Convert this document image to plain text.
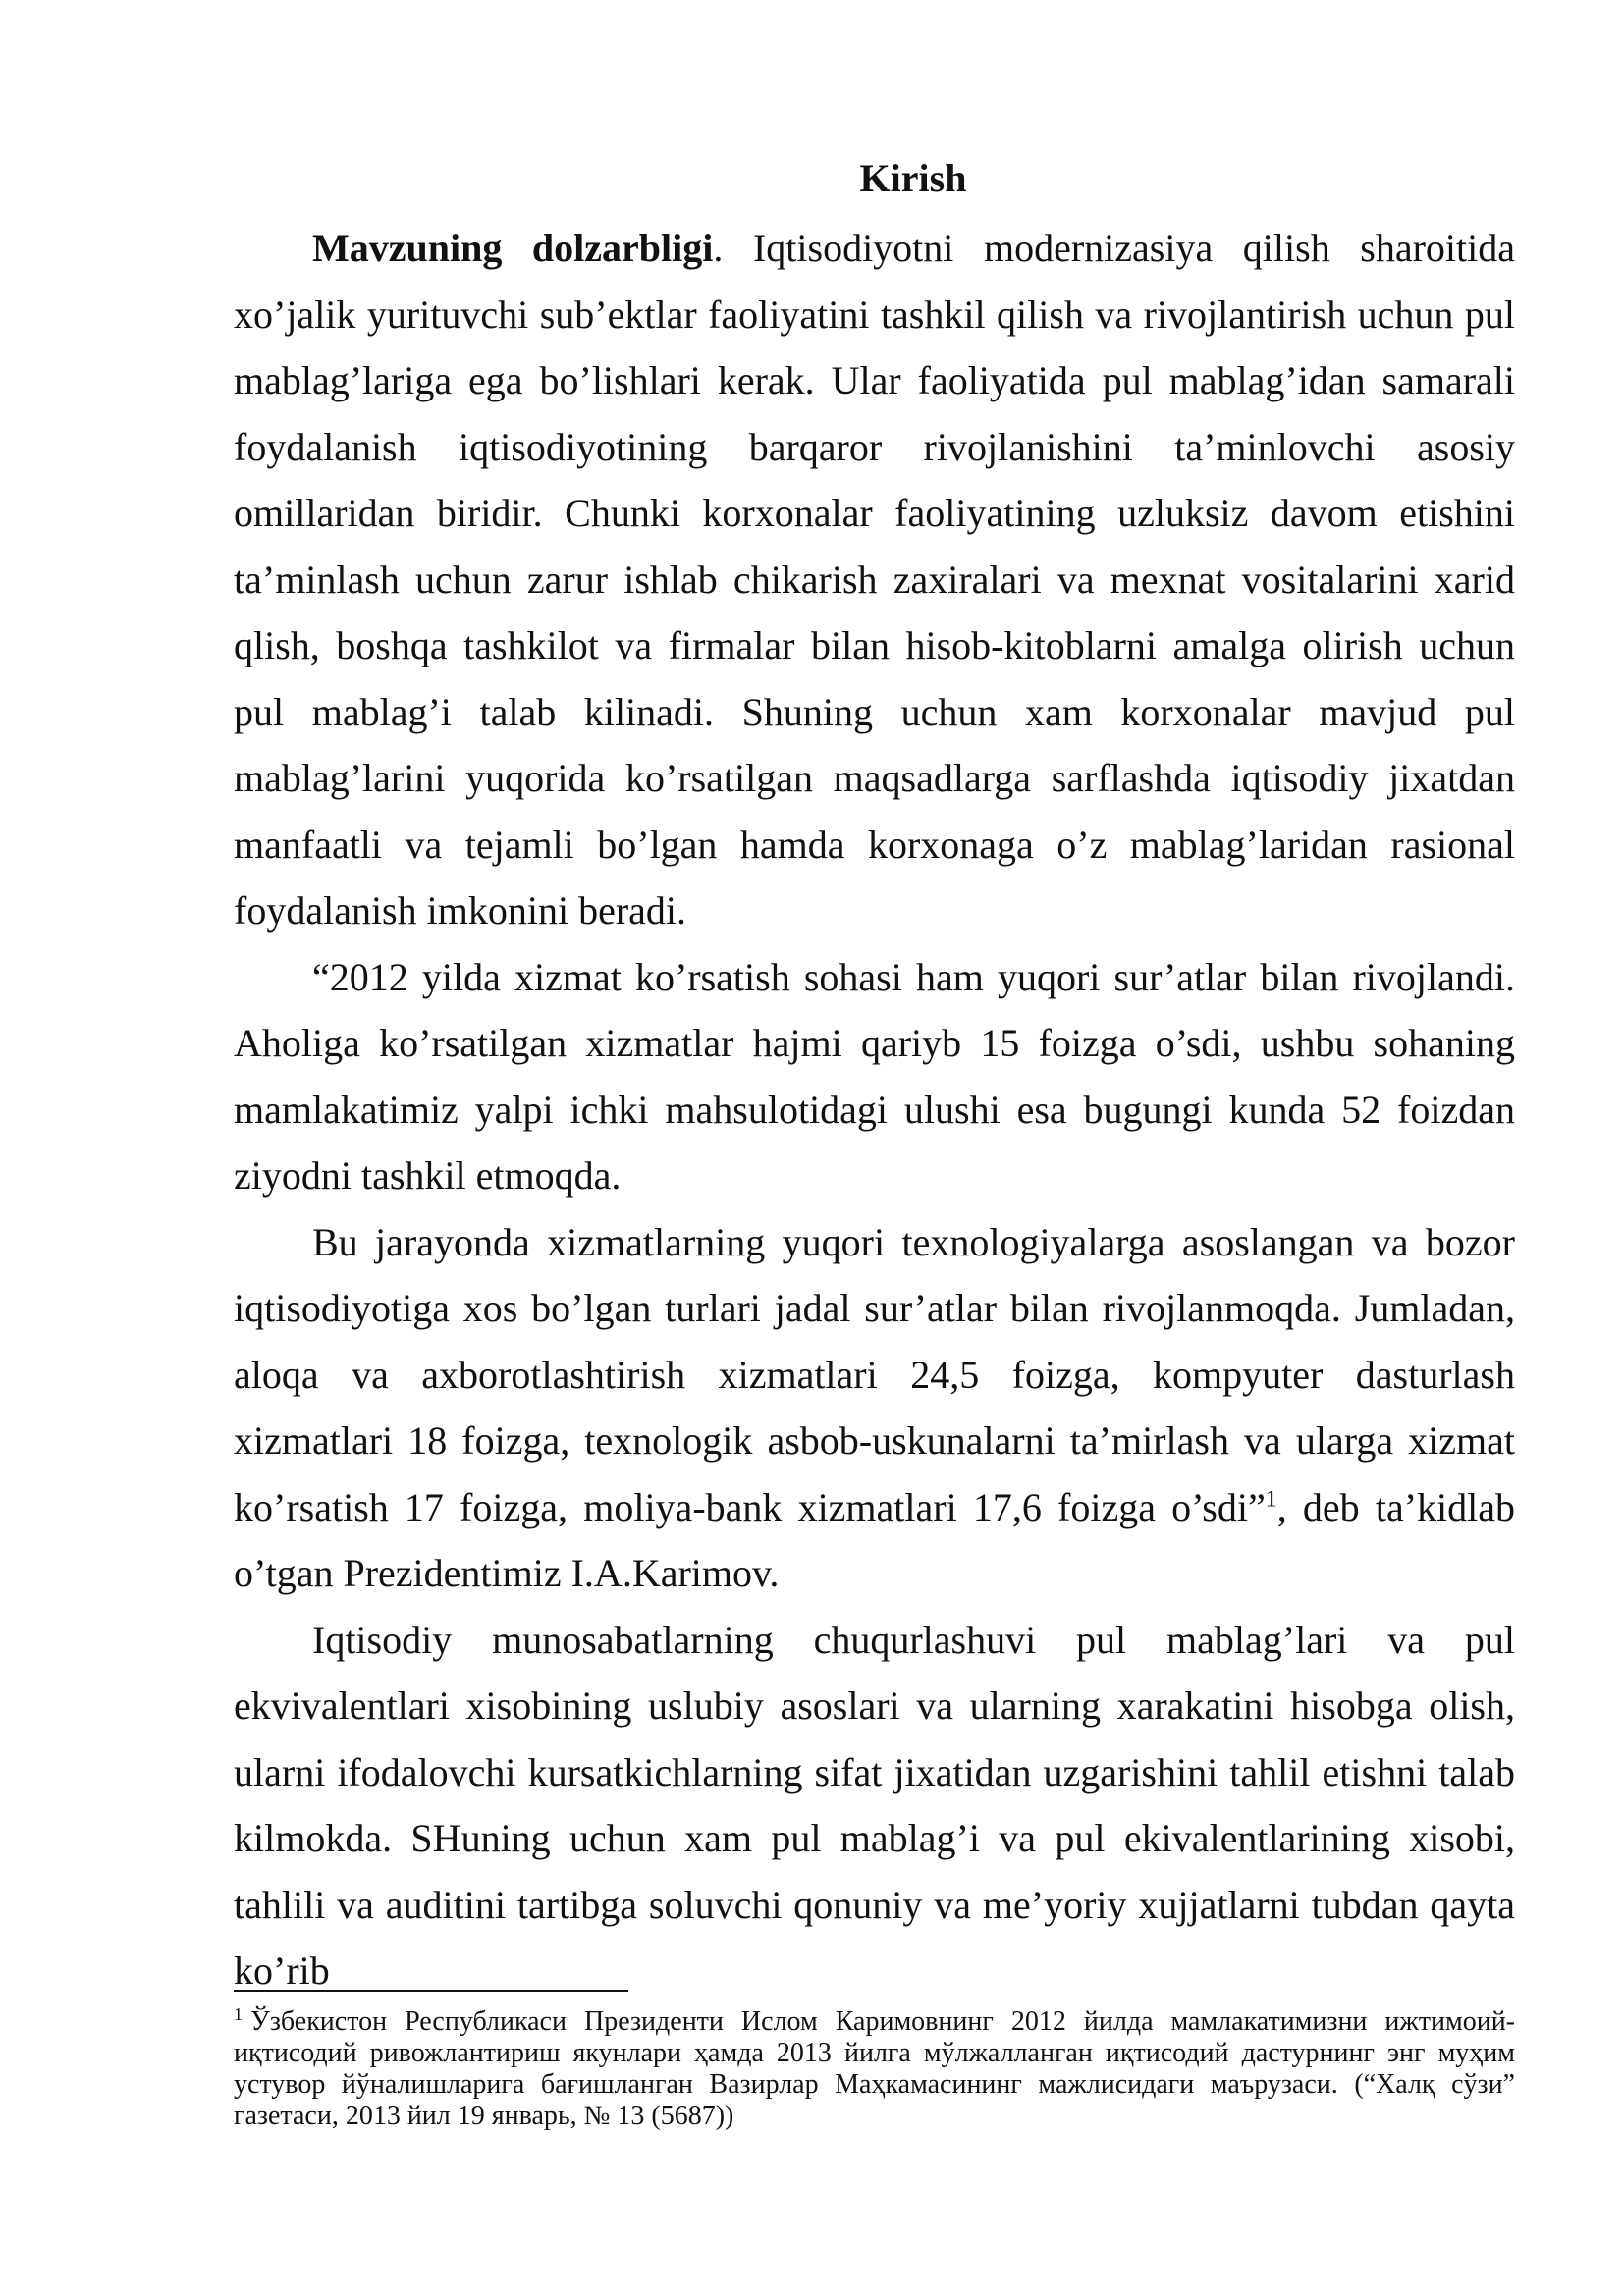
Kirish

Mavzuning dolzarbligi. Iqtisodiyotni modernizasiya qilish sharoitida xo’jalik yurituvchi sub’ektlar faoliyatini tashkil qilish va rivojlantirish uchun pul mablag’lariga ega bo’lishlari kerak. Ular faoliyatida pul mablag’idan samarali foydalanish iqtisodiyotining barqaror rivojlanishini ta’minlovchi asosiy omillaridan biridir. Chunki korxonalar faoliyatining uzluksiz davom etishini ta’minlash uchun zarur ishlab chikarish zaxiralari va mexnat vositalarini xarid qlish, boshqa tashkilot va firmalar bilan hisob-kitoblarni amalga olirish uchun pul mablag’i talab kilinadi. Shuning uchun xam korxonalar mavjud pul mablag’larini yuqorida ko’rsatilgan maqsadlarga sarflashda iqtisodiy jixatdan manfaatli va tejamli bo’lgan hamda korxonaga o’z mablag’laridan rasional foydalanish imkonini beradi.

“2012 yilda xizmat ko’rsatish sohasi ham yuqori sur’atlar bilan rivojlandi. Aholiga ko’rsatilgan xizmatlar hajmi qariyb 15 foizga o’sdi, ushbu sohaning mamlakatimiz yalpi ichki mahsulotidagi ulushi esa bugungi kunda 52 foizdan ziyodni tashkil etmoqda.

Bu jarayonda xizmatlarning yuqori texnologiyalarga asoslangan va bozor iqtisodiyotiga xos bo’lgan turlari jadal sur’atlar bilan rivojlanmoqda. Jumladan, aloqa va axborotlashtirish xizmatlari 24,5 foizga, kompyuter dasturlash xizmatlari 18 foizga, texnologik asbob-uskunalarni ta’mirlash va ularga xizmat ko’rsatish 17 foizga, moliya-bank xizmatlari 17,6 foizga o’sdi”$^1$, deb ta’kidlab o’tgan Prezidentimiz I.A.Karimov.

Iqtisodiy munosabatlarning chuqurlashuvi pul mablag’lari va pul ekvivalentlari xisobining uslubiy asoslari va ularning xarakatini hisobga olish, ularni ifodalovchi kursatkichlarning sifat jixatidan uzgarishini tahlil etishni talab kilmokda. SHuning uchun xam pul mablag’i va pul ekivalentlarining xisobi, tahlili va auditini tartibga soluvchi qonuniy va me’yoriy xujjatlarni tubdan qayta ko’rib

$^1$ Ўзбекистон Республикаси Президенти Ислом Каримовнинг 2012 йилда мамлакатимизни ижтимоий-иқтисодий ривожлантириш якунлари ҳамда 2013 йилга мўлжалланган иқтисодий дастурнинг энг муҳим устувор йўналишларига бағишланган Вазирлар Маҳкамасининг мажлисидаги маърузаси. (“Халқ сўзи” газетаси, 2013 йил 19 январь, № 13 (5687))
